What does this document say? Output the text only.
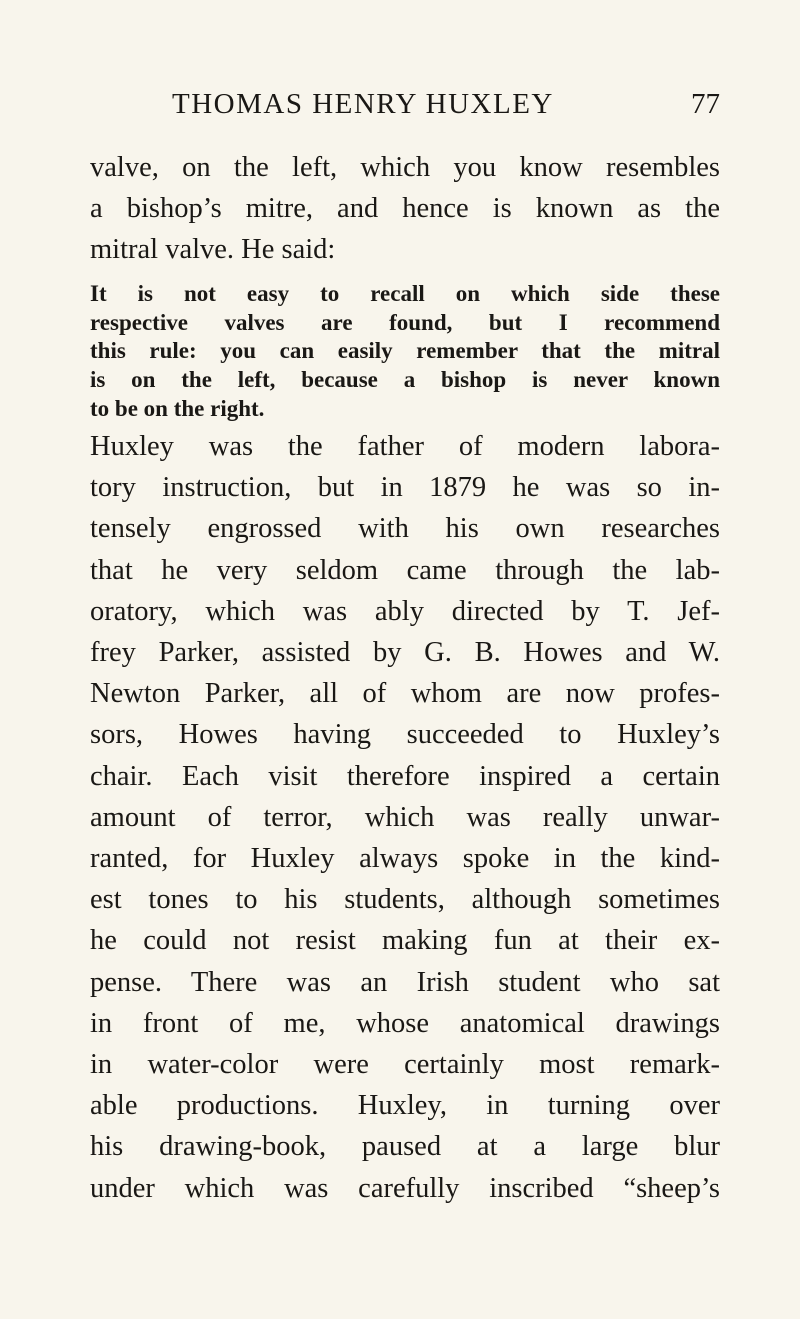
THOMAS HENRY HUXLEY	77

valve, on the left, which you know resembles
a bishop’s mitre, and hence is known as the
mitral valve. He said:

It is not easy to recall on which side these
respective valves are found, but I recommend
this rule: you can easily remember that the mitral
is on the left, because a bishop is never known
to be on the right.

Huxley was the father of modern labora-
tory instruction, but in 1879 he was so in-
tensely engrossed with his own researches
that he very seldom came through the lab-
oratory, which was ably directed by T. Jef-
frey Parker, assisted by G. B. Howes and W.
Newton Parker, all of whom are now profes-
sors, Howes having succeeded to Huxley’s
chair. Each visit therefore inspired a certain
amount of terror, which was really unwar-
ranted, for Huxley always spoke in the kind-
est tones to his students, although sometimes
he could not resist making fun at their ex-
pense. There was an Irish student who sat
in front of me, whose anatomical drawings
in water-color were certainly most remark-
able productions. Huxley, in turning over
his drawing-book, paused at a large blur
under which was carefully inscribed “sheep’s
